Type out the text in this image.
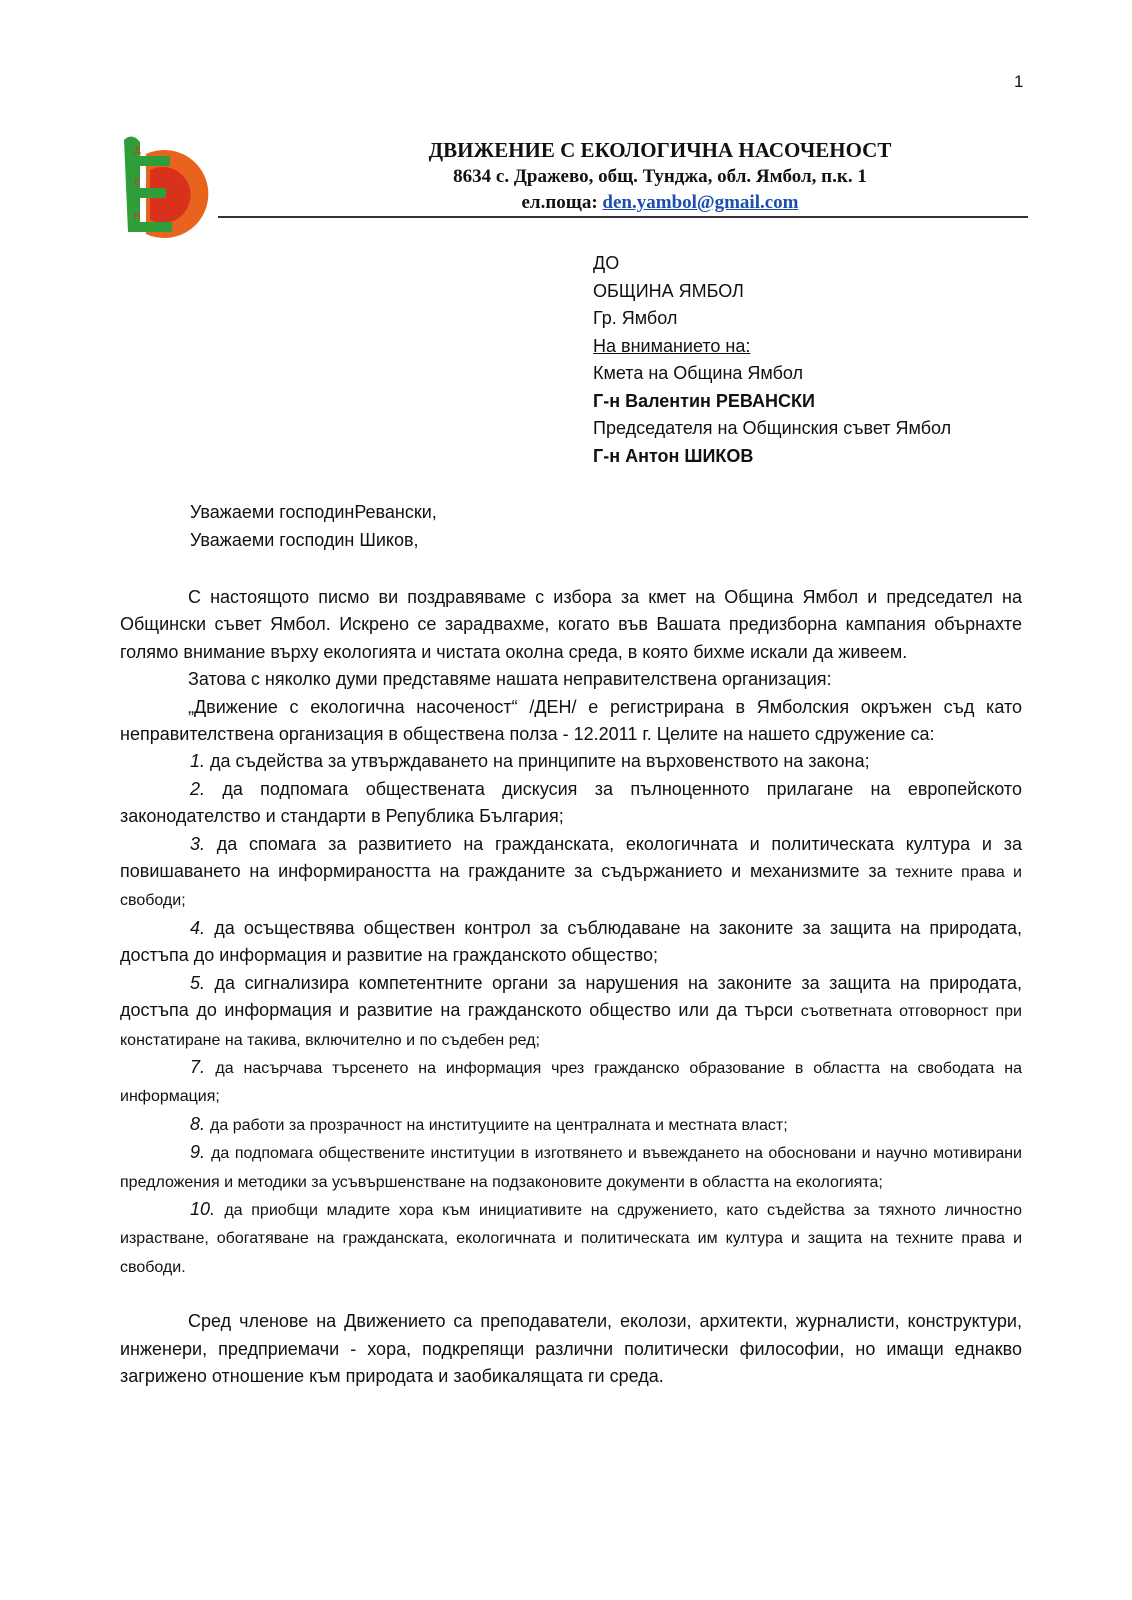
1
Д
Е
Н
ДВИЖЕНИЕ С ЕКОЛОГИЧНА НАСОЧЕНОСТ
8634 с. Дражево, общ. Тунджа, обл. Ямбол, п.к. 1
ел.поща: den.yambol@gmail.com
ДО
ОБЩИНА ЯМБОЛ
Гр. Ямбол
На вниманието на:
Кмета на Община Ямбол
Г-н Валентин РЕВАНСКИ
Председателя на Общинския съвет Ямбол
Г-н Антон ШИКОВ
Уважаеми господинРевански,
Уважаеми господин Шиков,

С настоящото писмо ви поздравяваме с избора за кмет на Община Ямбол и председател на Общински съвет Ямбол. Искрено се зарадвахме, когато във Вашата предизборна кампания обърнахте голямо внимание върху екологията и чистата околна среда, в която бихме искали да живеем.

Затова с няколко думи представяме нашата неправителствена организация:

„Движение с екологична насоченост“ /ДЕН/ е регистрирана в Ямболския окръжен съд като неправителствена организация в обществена полза - 12.2011 г. Целите на нашето сдружение са:

1. да съдейства за утвърждаването на принципите на върховенството на закона;

2. да подпомага обществената дискусия за пълноценното прилагане на европейското законодателство и стандарти в Република България;

3. да спомага за развитието на гражданската, екологичната и политическата култура и за повишаването на информираността на гражданите за съдържанието и механизмите за техните права и свободи;

4. да осъществява обществен контрол за съблюдаване на законите за защита на природата, достъпа до информация и развитие на гражданското общество;

5. да сигнализира компетентните органи за нарушения на законите за защита на природата, достъпа до информация и развитие на гражданското общество или да търси съответната отговорност при констатиране на такива, включително и по съдебен ред;

7. да насърчава търсенето на информация чрез гражданско образование в областта на свободата на информация;

8. да работи за прозрачност на институциите на централната и местната власт;

9. да подпомага обществените институции в изготвянето и въвеждането на обосновани и научно мотивирани предложения и методики за усъвършенстване на подзаконовите документи в областта на екологията;

10. да приобщи младите хора към инициативите на сдружението, като съдейства за тяхното личностно израстване, обогатяване на гражданската, екологичната и политическата им култура и защита на техните права и свободи.

Сред членове на Движението са преподаватели, еколози, архитекти, журналисти, конструктури, инженери, предприемачи - хора, подкрепящи различни политически философии, но имащи еднакво загрижено отношение към природата и заобикалящата ги среда.
